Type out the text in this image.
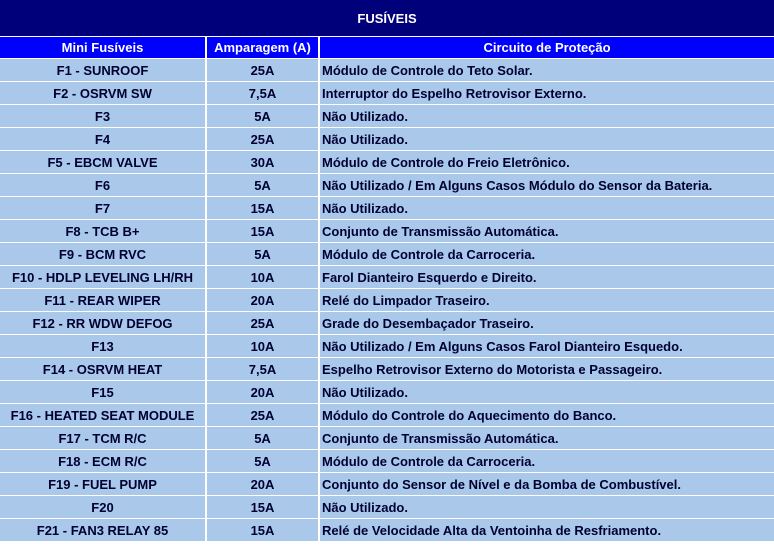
FUSÍVEIS		
Mini Fusíveis	Amparagem (A)	Circuito de Proteção
F1 - SUNROOF	25A	Módulo de Controle do Teto Solar.
F2 - OSRVM SW	7,5A	Interruptor do Espelho Retrovisor Externo.
F3	5A	Não Utilizado.
F4	25A	Não Utilizado.
F5 - EBCM VALVE	30A	Módulo de Controle do Freio Eletrônico.
F6	5A	Não Utilizado / Em Alguns Casos Módulo do Sensor da Bateria.
F7	15A	Não Utilizado.
F8 - TCB B+	15A	Conjunto de Transmissão Automática.
F9 - BCM RVC	5A	Módulo de Controle da Carroceria.
F10 - HDLP LEVELING LH/RH	10A	Farol Dianteiro Esquerdo e Direito.
F11 - REAR WIPER	20A	Relé do Limpador Traseiro.
F12 - RR WDW DEFOG	25A	Grade do Desembaçador Traseiro.
F13	10A	Não Utilizado / Em Alguns Casos Farol Dianteiro Esquedo.
F14 - OSRVM HEAT	7,5A	Espelho Retrovisor Externo do Motorista e Passageiro.
F15	20A	Não Utilizado.
F16 - HEATED SEAT MODULE	25A	Módulo do Controle do Aquecimento do Banco.
F17 - TCM R/C	5A	Conjunto de Transmissão Automática.
F18 - ECM R/C	5A	Módulo de Controle da Carroceria.
F19 - FUEL PUMP	20A	Conjunto do Sensor de Nível e da Bomba de Combustível.
F20	15A	Não Utilizado.
F21 - FAN3 RELAY 85	15A	Relé de Velocidade Alta da Ventoinha de Resfriamento.
